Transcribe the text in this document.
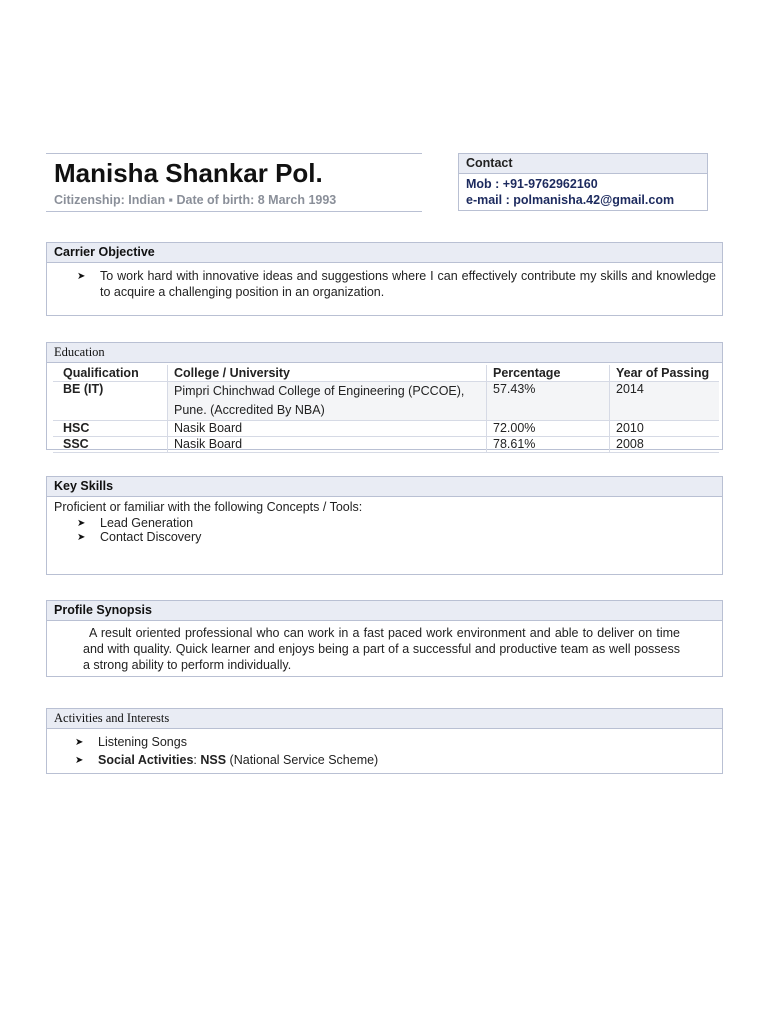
Manisha Shankar Pol.
Citizenship: Indian ▪ Date of birth: 8 March 1993
Contact
Mob : +91-9762962160
e-mail : polmanisha.42@gmail.com
Carrier Objective
➤ To work hard with innovative ideas and suggestions where I can effectively contribute my skills and knowledge to acquire a challenging position in an organization.
Education
Qualification	College / University	Percentage	Year of Passing
BE (IT)	Pimpri Chinchwad College of Engineering (PCCOE), Pune. (Accredited By NBA)	57.43%	2014
HSC	Nasik Board	72.00%	2010
SSC	Nasik Board	78.61%	2008
Key Skills
Proficient or familiar with the following Concepts / Tools:
➤ Lead Generation
➤ Contact Discovery
Profile Synopsis
A result oriented professional who can work in a fast paced work environment and able to deliver on time and with quality. Quick learner and enjoys being a part of a successful and productive team as well possess a strong ability to perform individually.
Activities and Interests
➤ Listening Songs
➤ Social Activities: NSS (National Service Scheme)
